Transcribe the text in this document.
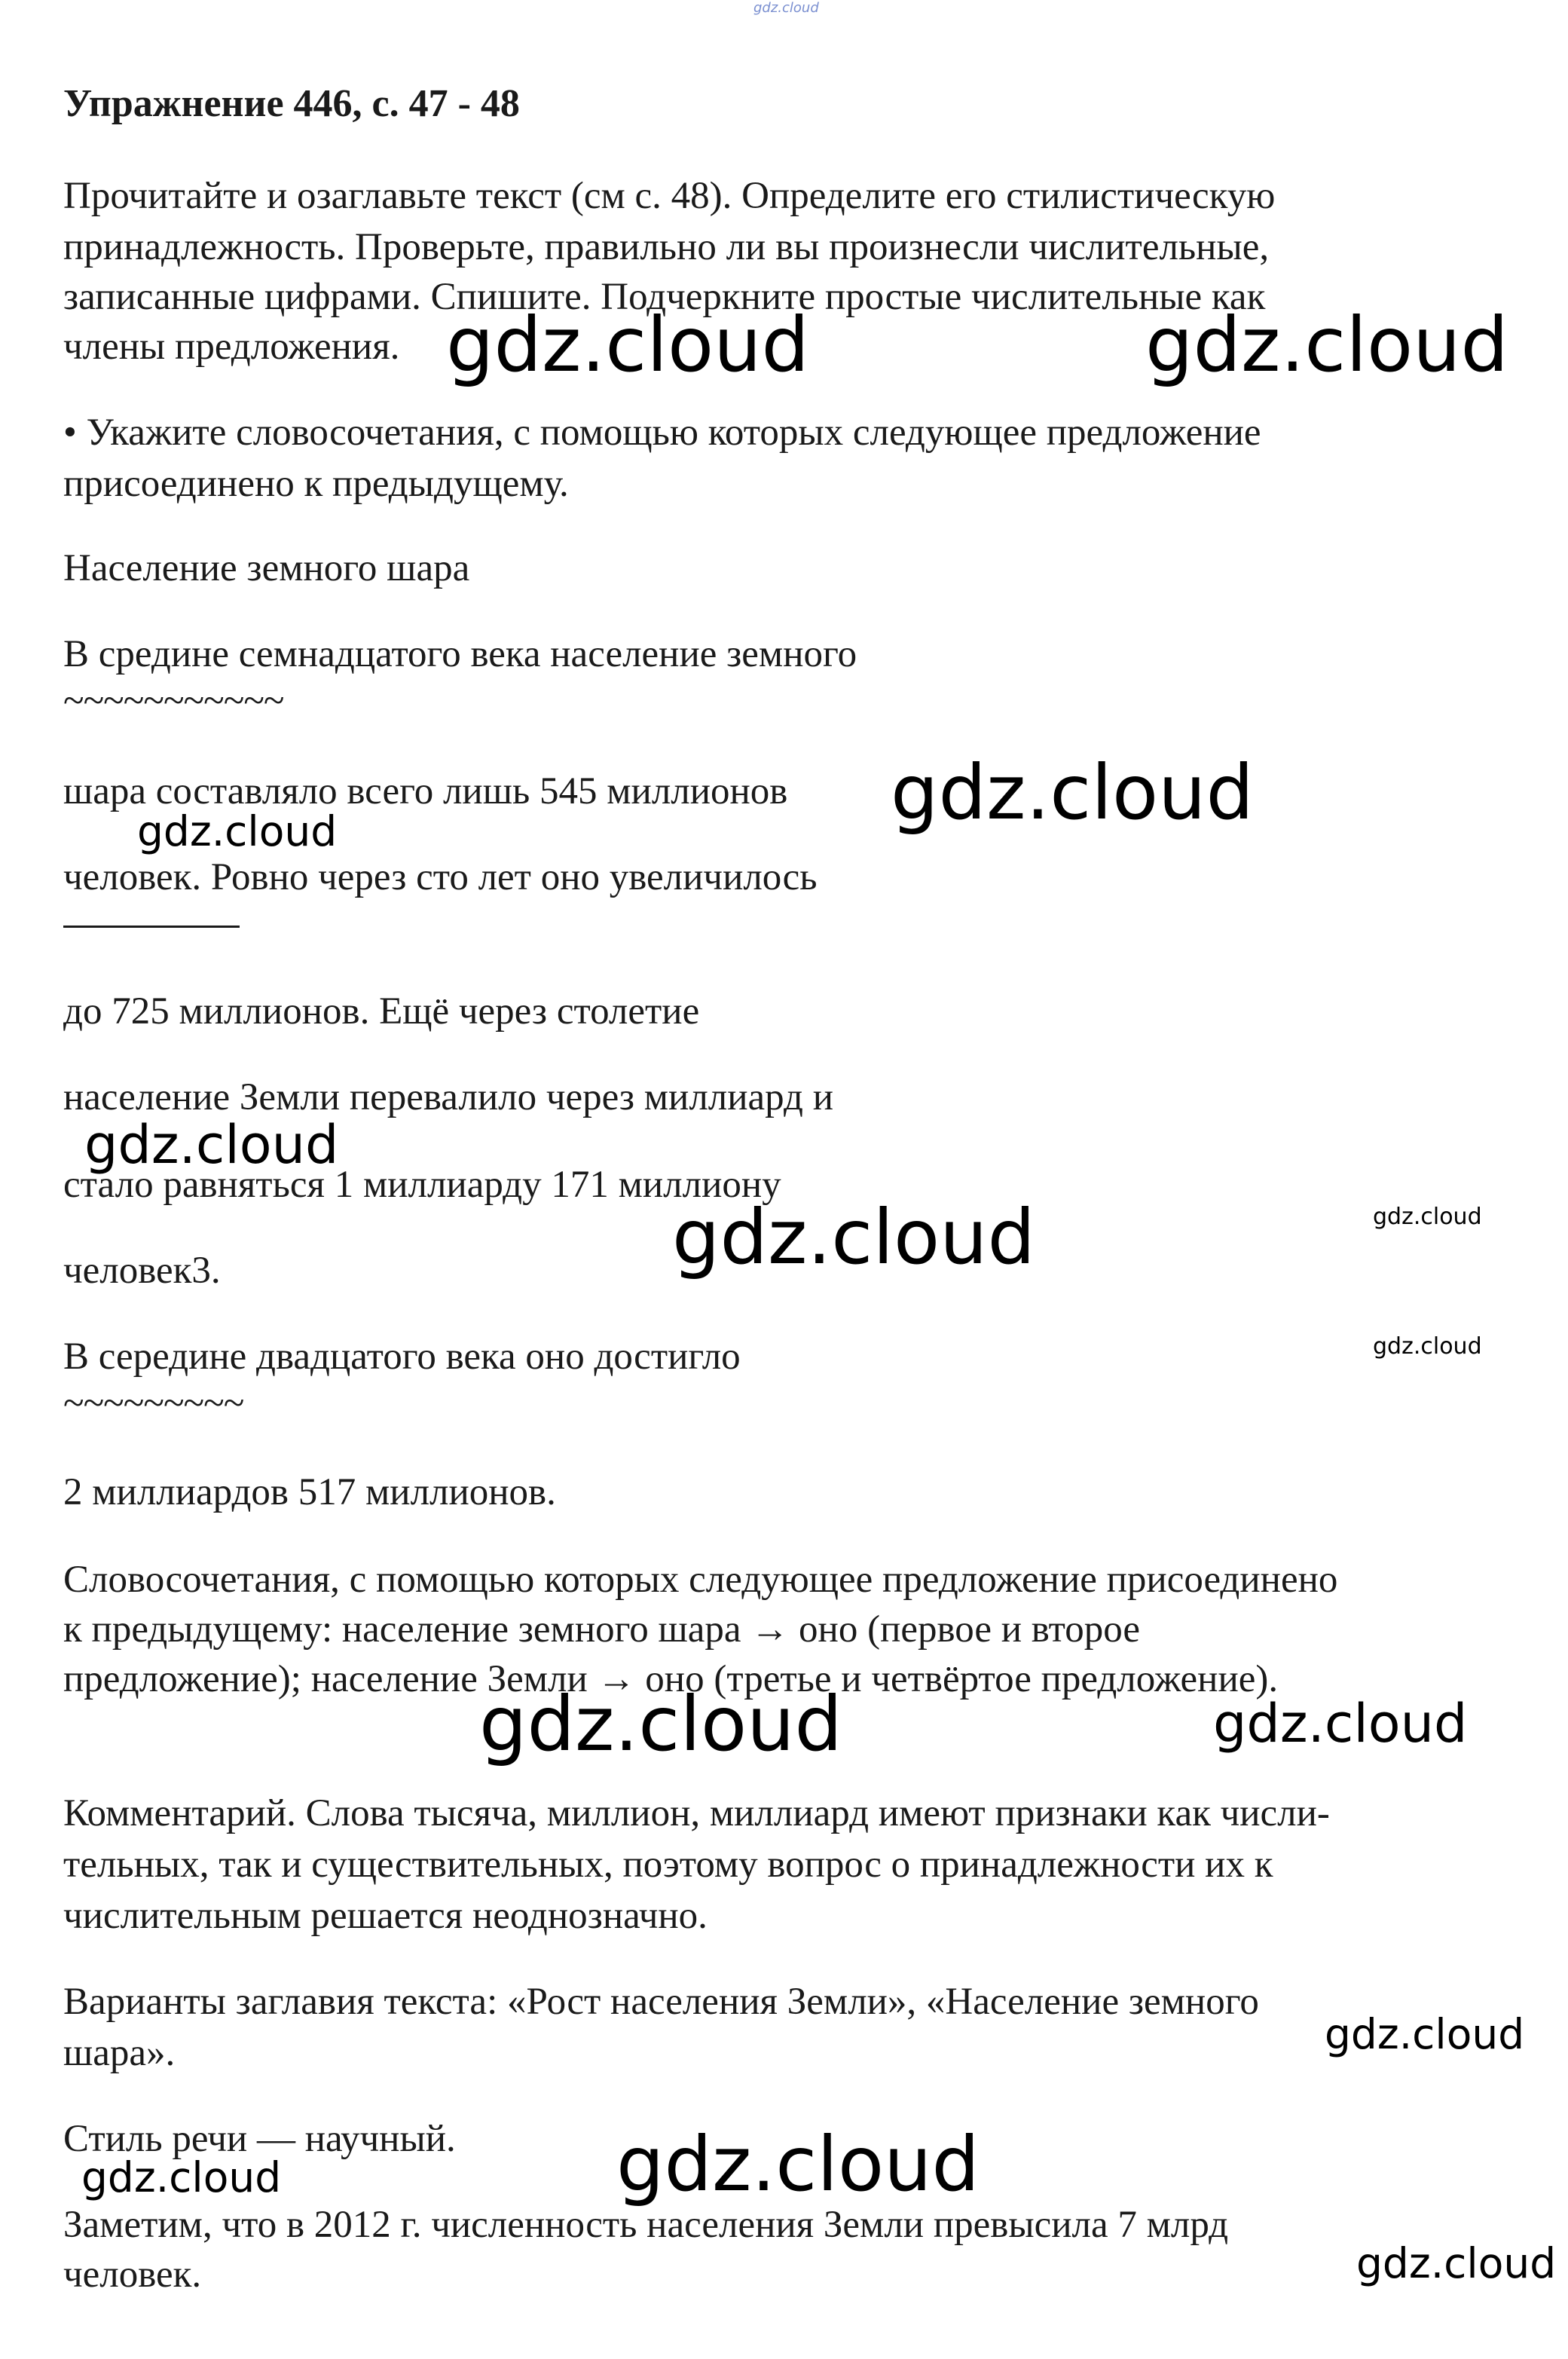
gdz.cloud
Упражнение 446, с. 47 - 48
Прочитайте и озаглавьте текст (см с. 48). Определите его стилистическую
принадлежность. Проверьте, правильно ли вы произнесли числительные,
записанные цифрами. Спишите. Подчеркните простые числительные как
члены предложения.
• Укажите словосочетания, с помощью которых следующее предложение
присоединено к предыдущему.
Население земного шара
В средине семнадцатого века население земного
~~~~~~~~~~~
шара составляло всего лишь 545 миллионов
человек. Ровно через сто лет оно увеличилось
до 725 миллионов. Ещё через столетие
население Земли перевалило через миллиард и
стало равняться 1 миллиарду 171 миллиону
человек3.
В середине двадцатого века оно достигло
~~~~~~~~~
2 миллиардов 517 миллионов.
Словосочетания, с помощью которых следующее предложение присоединено
к предыдущему: население земного шара → оно (первое и второе
предложение); население Земли → оно (третье и четвёртое предложение).
Комментарий. Слова тысяча, миллион, миллиард имеют признаки как числи-
тельных, так и существительных, поэтому вопрос о принадлежности их к
числительным решается неоднозначно.
Варианты заглавия текста: «Рост населения Земли», «Население земного
шара».
Стиль речи — научный.
Заметим, что в 2012 г. численность населения Земли превысила 7 млрд
человек.
gdz.cloud	gdz.cloud
gdz.cloud
gdz.cloud
gdz.cloud
gdz.cloud	gdz.cloud
gdz.cloud
gdz.cloud	gdz.cloud
gdz.cloud
gdz.cloud
gdz.cloud
gdz.cloud
